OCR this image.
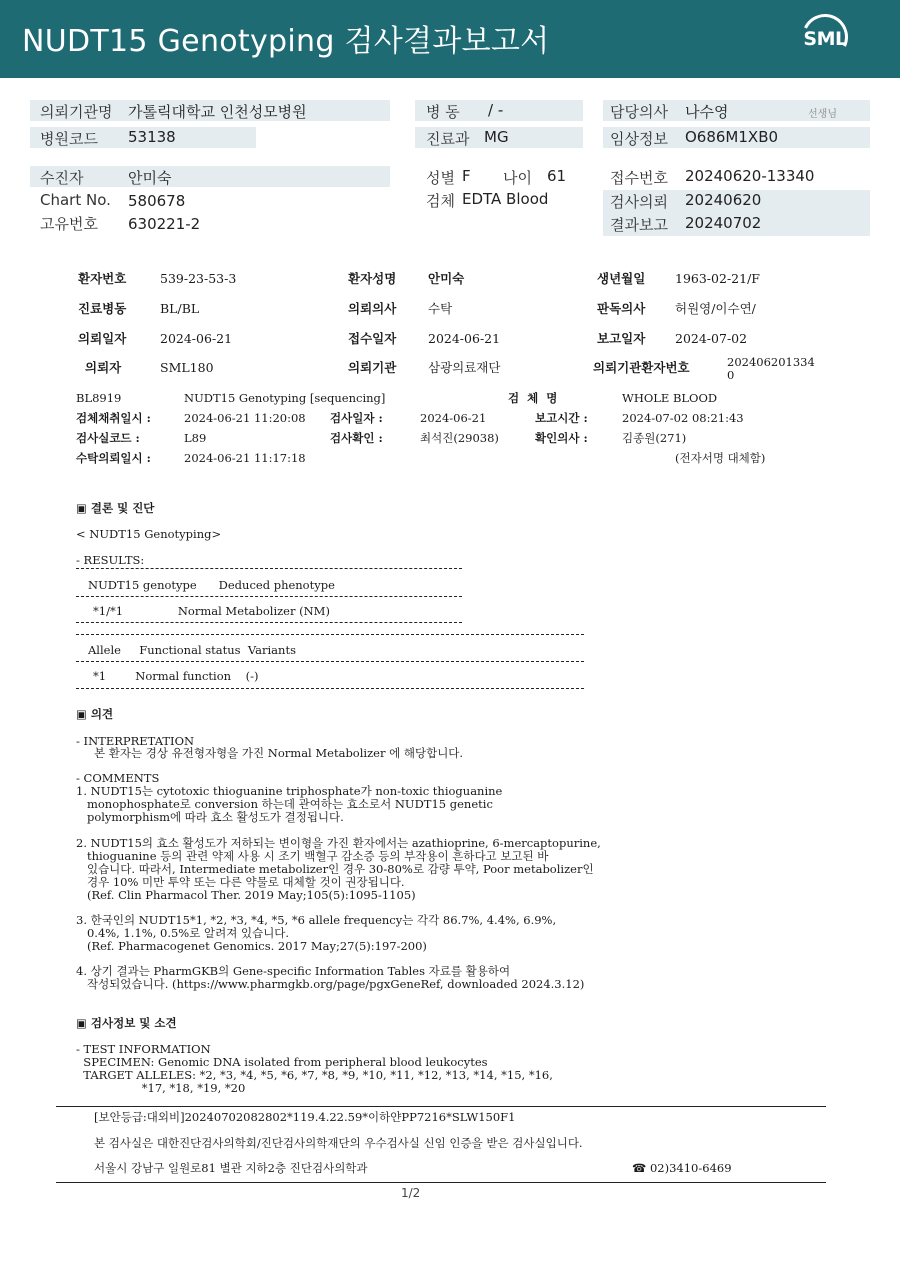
NUDT15 Genotyping 검사결과보고서	SML
의뢰기관명 가톨릭대학교 인천성모병원
병원코드 53138
병 동 / -
진료과 MG
담당의사 나수영	선생님
임상정보 O686M1XB0
수진자	안미숙
Chart No. 580678
고유번호 630221-2
성별 F 나이 61
검체 EDTA Blood
접수번호 20240620-13340
검사의뢰 20240620
결과보고 20240702
환자번호	539-23-53-3	환자성명	안미숙	생년월일 1963-02-21/F
진료병동	BL/BL	의뢰의사	수탁	판독의사 허원영/이수연/
의뢰일자	2024-06-21	접수일자	2024-06-21	보고일자 2024-07-02
의뢰자	SML180	의뢰기관	삼광의료재단	의뢰기관환자번호	202406201334
0
BL8919	NUDT15 Genotyping [sequencing]	검  체  명	WHOLE BLOOD
검체채취일시 :	2024-06-21 11:20:08 검사일자 :	2024-06-21	보고시간 :	2024-07-02 08:21:43
검사실코드 :	L89	검사확인 :	최석진(29038)	확인의사 :	김종원(271)
수탁의뢰일시 :	2024-06-21 11:17:18	(전자서명 대체함)
▣ 결론 및 진단
< NUDT15 Genotyping>
- RESULTS:
NUDT15 genotype      Deduced phenotype
*1/*1               Normal Metabolizer (NM)
Allele     Functional status  Variants
*1        Normal function    (-)
▣ 의견
- INTERPRETATION
본 환자는 경상 유전형자형을 가진 Normal Metabolizer 에 해당합니다.
- COMMENTS
1. NUDT15는 cytotoxic thioguanine triphosphate가 non-toxic thioguanine
monophosphate로 conversion 하는데 관여하는 효소로서 NUDT15 genetic
polymorphism에 따라 효소 활성도가 결정됩니다.
2. NUDT15의 효소 활성도가 저하되는 변이형을 가진 환자에서는 azathioprine, 6-mercaptopurine,
thioguanine 등의 관련 약제 사용 시 조기 백혈구 감소증 등의 부작용이 흔하다고 보고된 바
있습니다. 따라서, Intermediate metabolizer인 경우 30-80%로 감량 투약, Poor metabolizer인
경우 10% 미만 투약 또는 다른 약물로 대체할 것이 권장됩니다.
(Ref. Clin Pharmacol Ther. 2019 May;105(5):1095-1105)
3. 한국인의 NUDT15*1, *2, *3, *4, *5, *6 allele frequency는 각각 86.7%, 4.4%, 6.9%,
0.4%, 1.1%, 0.5%로 알려져 있습니다.
(Ref. Pharmacogenet Genomics. 2017 May;27(5):197-200)
4. 상기 결과는 PharmGKB의 Gene-specific Information Tables 자료를 활용하여
작성되었습니다. (https://www.pharmgkb.org/page/pgxGeneRef, downloaded 2024.3.12)
▣ 검사정보 및 소견
- TEST INFORMATION
SPECIMEN: Genomic DNA isolated from peripheral blood leukocytes
TARGET ALLELES: *2, *3, *4, *5, *6, *7, *8, *9, *10, *11, *12, *13, *14, *15, *16,
*17, *18, *19, *20
[보안등급:대외비]20240702082802*119.4.22.59*이하얀PP7216*SLW150F1
본 검사실은 대한진단검사의학회/진단검사의학재단의 우수검사실 신임 인증을 받은 검사실입니다.
서울시 강남구 일원로81 별관 지하2층 진단검사의학과	☎ 02)3410-6469
1/2
